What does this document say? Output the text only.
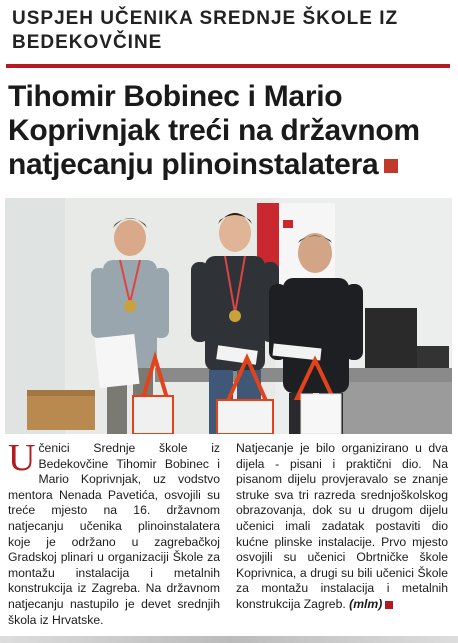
USPJEH UČENIKA SREDNJE ŠKOLE IZ BEDEKOVČINE
Tihomir Bobinec i Mario Koprivnjak treći na državnom natjecanju plinoinstalatera
Učenici Srednje škole iz Bedekovčine Tihomir Bobinec i Mario Koprivnjak, uz vodstvo mentora Nenada Pavetića, osvojili su treće mjesto na 16. državnom natjecanju učenika plinoinstalatera koje je održano u zagrebačkoj Gradskoj plinari u organizaciji Škole za montažu instalacija i metalnih konstrukcija iz Zagreba. Na državnom natjecanju nastupilo je devet srednjih škola iz Hrvatske.
Natjecanje je bilo organizirano u dva dijela - pisani i praktični dio. Na pisanom dijelu provjeravalo se znanje struke sva tri razreda srednjoškolskog obrazovanja, dok su u drugom dijelu učenici imali zadatak postaviti dio kućne plinske instalacije. Prvo mjesto osvojili su učenici Obrtničke škole Koprivnica, a drugi su bili učenici Škole za montažu instalacija i metalnih konstrukcija Zagreb. (mlm)
